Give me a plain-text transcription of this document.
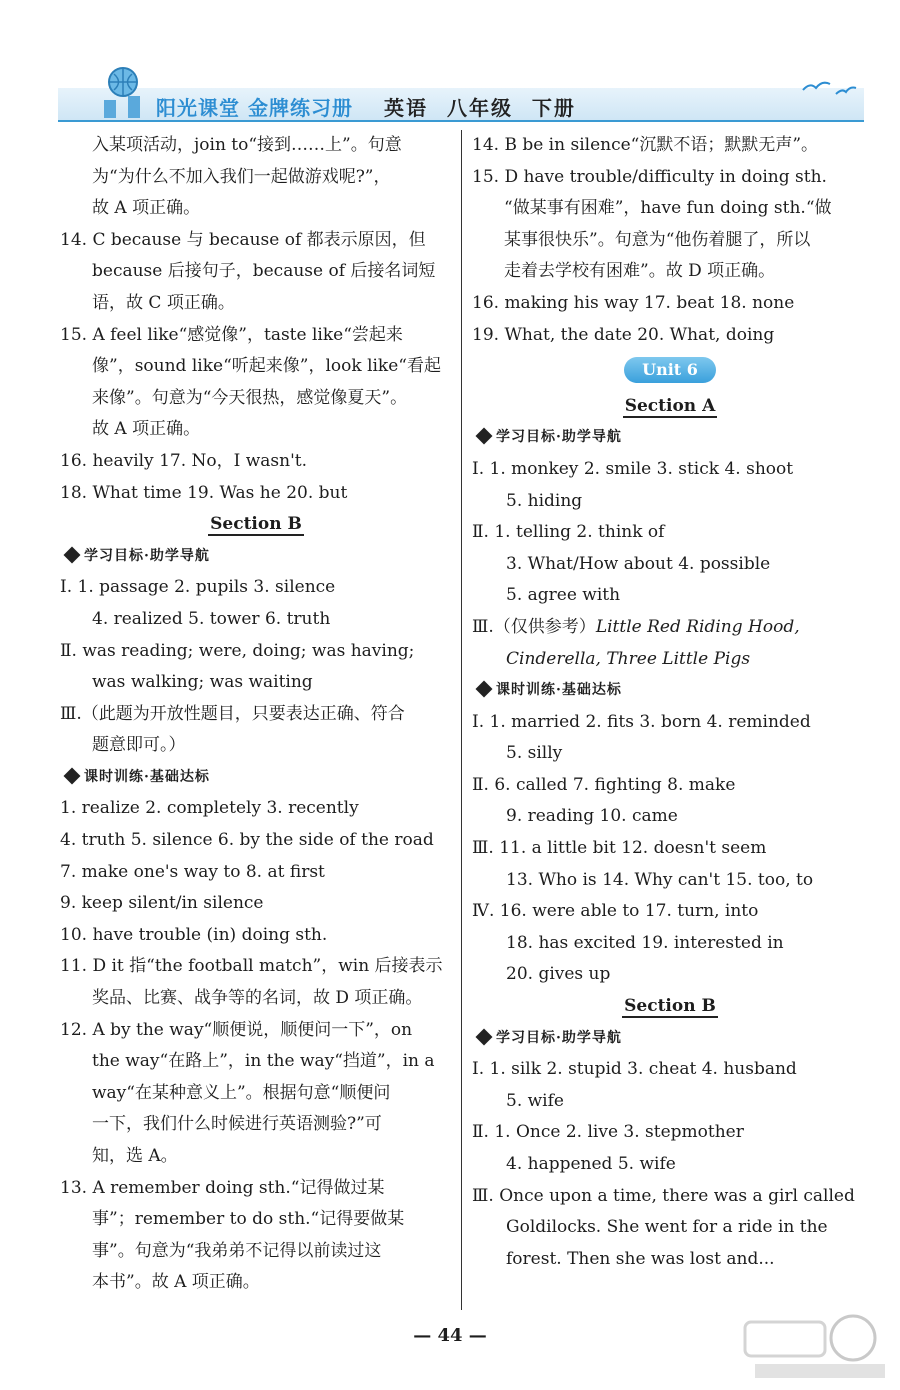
阳光课堂 金牌练习册 英语 八年级 下册

入某项活动，join to“接到……上”。句意

为“为什么不加入我们一起做游戏呢?”，

故 A 项正确。

14. C because 与 because of 都表示原因，但

because 后接句子，because of 后接名词短

语，故 C 项正确。

15. A feel like“感觉像”，taste like“尝起来

像”，sound like“听起来像”，look like“看起

来像”。句意为“今天很热，感觉像夏天”。

故 A 项正确。

16. heavily 17. No，I wasn't.

18. What time 19. Was he 20. but

Section B

学习目标·助学导航

Ⅰ. 1. passage 2. pupils 3. silence

4. realized 5. tower 6. truth

Ⅱ. was reading; were, doing; was having;

was walking; was waiting

Ⅲ.（此题为开放性题目，只要表达正确、符合

题意即可。）

课时训练·基础达标

1. realize 2. completely 3. recently

4. truth 5. silence 6. by the side of the road

7. make one's way to 8. at first

9. keep silent/in silence

10. have trouble (in) doing sth.

11. D it 指“the football match”，win 后接表示

奖品、比赛、战争等的名词，故 D 项正确。

12. A by the way“顺便说，顺便问一下”，on

the way“在路上”，in the way“挡道”，in a

way“在某种意义上”。根据句意“顺便问

一下，我们什么时候进行英语测验?”可

知，选 A。

13. A remember doing sth.“记得做过某

事”；remember to do sth.“记得要做某

事”。句意为“我弟弟不记得以前读过这

本书”。故 A 项正确。

14. B be in silence“沉默不语；默默无声”。

15. D have trouble/difficulty in doing sth.

“做某事有困难”，have fun doing sth.“做

某事很快乐”。句意为“他伤着腿了，所以

走着去学校有困难”。故 D 项正确。

16. making his way 17. beat 18. none

19. What, the date 20. What, doing

Unit 6

Section A

学习目标·助学导航

Ⅰ. 1. monkey 2. smile 3. stick 4. shoot

5. hiding

Ⅱ. 1. telling 2. think of

3. What/How about 4. possible

5. agree with

Ⅲ.（仅供参考）Little Red Riding Hood,

Cinderella, Three Little Pigs

课时训练·基础达标

Ⅰ. 1. married 2. fits 3. born 4. reminded

5. silly

Ⅱ. 6. called 7. fighting 8. make

9. reading 10. came

Ⅲ. 11. a little bit 12. doesn't seem

13. Who is 14. Why can't 15. too, to

Ⅳ. 16. were able to 17. turn, into

18. has excited 19. interested in

20. gives up

Section B

学习目标·助学导航

Ⅰ. 1. silk 2. stupid 3. cheat 4. husband

5. wife

Ⅱ. 1. Once 2. live 3. stepmother

4. happened 5. wife

Ⅲ. Once upon a time, there was a girl called

Goldilocks. She went for a ride in the

forest. Then she was lost and...

— 44 —
